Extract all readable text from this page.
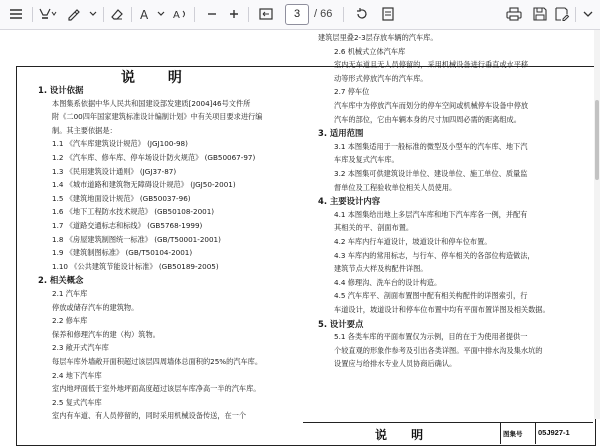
A A	3	/ 66
说 明
1. 设计依据
本图集系依据中华人民共和国建设部发建质[2004]46号文件所
附《二00四年国家建筑标准设计编制计划》中有关项目要求进行编
制。其主要依据是：
1.1 《汽车库建筑设计规范》 (JGJ100-98)
1.2 《汽车库、修车库、停车场设计防火规范》 (GB50067-97)
1.3 《民用建筑设计通则》 (JGJ37-87)
1.4 《城市道路和建筑物无障碍设计规范》 (JGJ50-2001)
1.5 《建筑地面设计规范》 (GB50037-96)
1.6 《地下工程防水技术规范》 (GB50108-2001)
1.7 《道路交通标志和标线》 (GB5768-1999)
1.8 《房屋建筑制图统一标准》 (GB/T50001-2001)
1.9 《建筑制图标准》 (GB/T50104-2001)
1.10 《公共建筑节能设计标准》 (GB50189-2005)
2. 相关概念
2.1 汽车库
停放或储存汽车的建筑物。
2.2 修车库
保养和修理汽车的建（构）筑物。
2.3 敞开式汽车库
每层车库外墙敞开面积超过该层四周墙体总面积的25%的汽车库。
2.4 地下汽车库
室内地坪面低于室外地坪面高度超过该层车库净高一半的汽车库。
2.5 复式汽车库
室内有车道、有人员停留的，同时采用机械设备传送，在一个
建筑层里叠2-3层存放车辆的汽车库。
2.6 机械式立体汽车库
室内无车道且无人员停留的，采用机械设备进行垂直或水平移
动等形式停放汽车的汽车库。
2.7 停车位
汽车库中为停放汽车而划分的停车空间或机械停车设备中停放
汽车的部位，它由车辆本身的尺寸加四周必需的距离组成。
3. 适用范围
3.1 本图集适用于一般标准的微型及小型车的汽车库、地下汽
车库及复式汽车库。
3.2 本图集可供建筑设计单位、建设单位、施工单位、质量监
督单位及工程验收单位相关人员使用。
4. 主要设计内容
4.1 本图集给出地上多层汽车库和地下汽车库各一例，并配有
其相关的平、剖面布置。
4.2 车库内行车道设计，坡道设计和停车位布置。
4.3 车库内的常用标志，与行车、停车相关的各部位构造做法，
建筑节点大样及构配件详图。
4.4 修理沟、洗车台的设计构造。
4.5 汽车库平、剖面布置图中配有相关构配件的详图索引，行
车道设计，坡道设计和停车位布置中均有平面布置详图及相关数据。
5. 设计要点
5.1 各类车库的平面布置仅为示例，目的在于为使用者提供一
个较直观的形象作参考及引出各类详图。平面中排水沟及集水坑的
设置应与给排水专业人员协商后确认。
说 明	图集号 05J927-1
